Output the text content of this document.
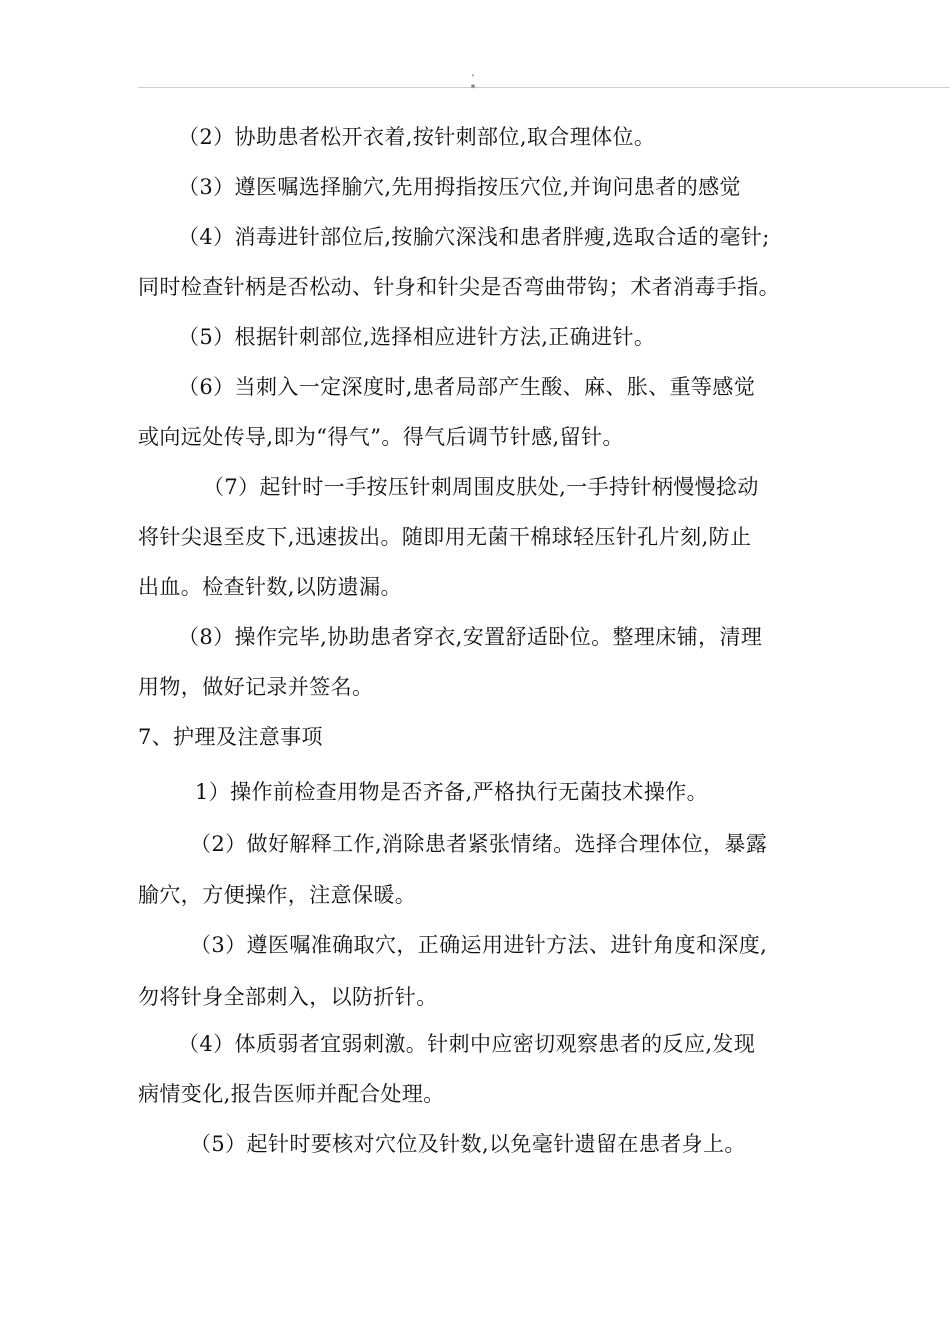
'
*
（2）协助患者松开衣着,按针刺部位,取合理体位。
（3）遵医嘱选择腧穴,先用拇指按压穴位,并询问患者的感觉
（4）消毒进针部位后,按腧穴深浅和患者胖瘦,选取合适的毫针;
同时检查针柄是否松动、针身和针尖是否弯曲带钩；术者消毒手指。
（5）根据针刺部位,选择相应进针方法,正确进针。
（6）当刺入一定深度时,患者局部产生酸、麻、胀、重等感觉
或向远处传导,即为“得气”。得气后调节针感,留针。
（7）起针时一手按压针刺周围皮肤处,一手持针柄慢慢捻动
将针尖退至皮下,迅速拔出。随即用无菌干棉球轻压针孔片刻,防止
出血。检查针数,以防遗漏。
（8）操作完毕,协助患者穿衣,安置舒适卧位。整理床铺，清理
用物，做好记录并签名。
7、护理及注意事项
1）操作前检查用物是否齐备,严格执行无菌技术操作。
（2）做好解释工作,消除患者紧张情绪。选择合理体位，暴露
腧穴，方便操作，注意保暖。
（3）遵医嘱准确取穴，正确运用进针方法、进针角度和深度,
勿将针身全部刺入，以防折针。
（4）体质弱者宜弱刺激。针刺中应密切观察患者的反应,发现
病情变化,报告医师并配合处理。
（5）起针时要核对穴位及针数,以免毫针遗留在患者身上。
